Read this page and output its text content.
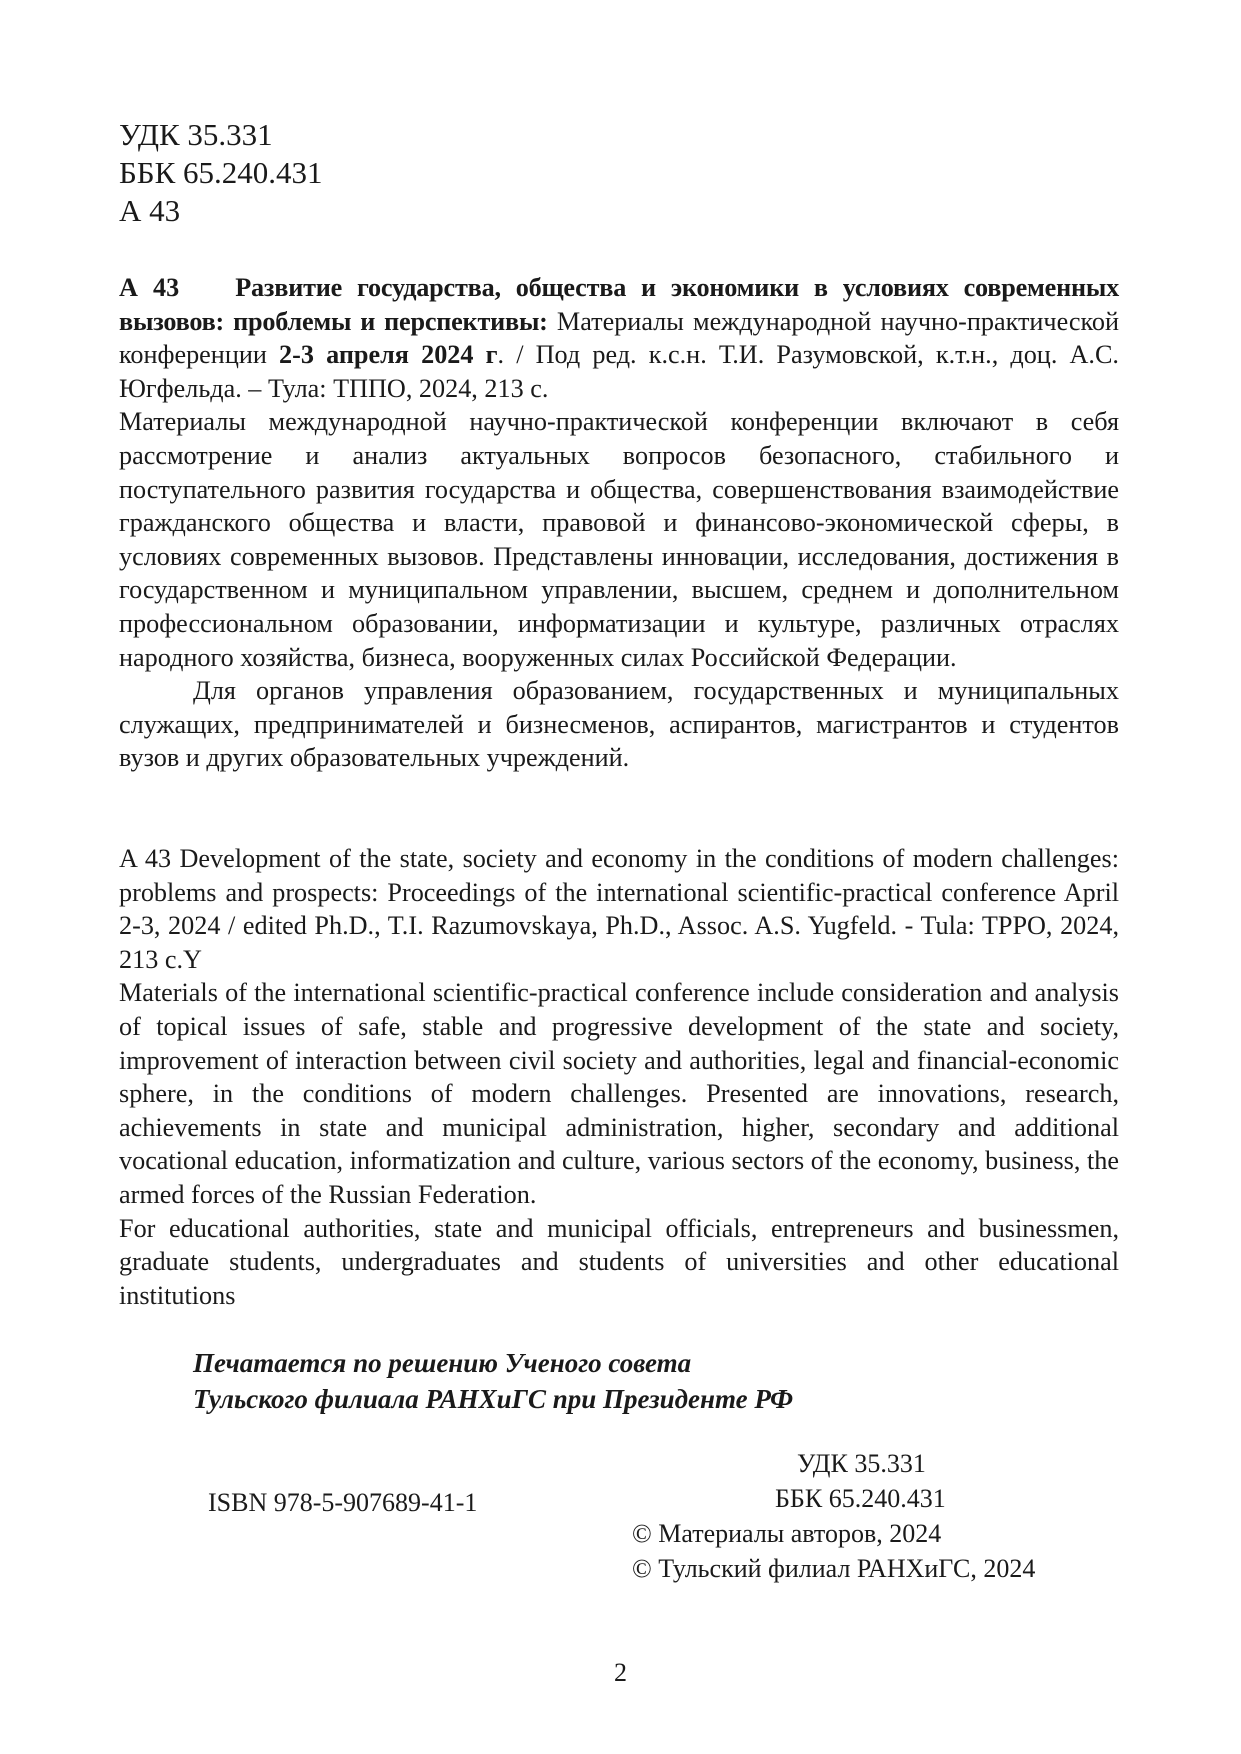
УДК 35.331
ББК 65.240.431
А 43

А 43 Развитие государства, общества и экономики в условиях современных вызовов: проблемы и перспективы: Материалы международной научно-практической конференции 2-3 апреля 2024 г. / Под ред. к.с.н. Т.И. Разумовской, к.т.н., доц. А.С. Югфельда. – Тула: ТППО, 2024, 213 с.

Материалы международной научно-практической конференции включают в себя рассмотрение и анализ актуальных вопросов безопасного, стабильного и поступательного развития государства и общества, совершенствования взаимодействие гражданского общества и власти, правовой и финансово-экономической сферы, в условиях современных вызовов. Представлены инновации, исследования, достижения в государственном и муниципальном управлении, высшем, среднем и дополнительном профессиональном образовании, информатизации и культуре, различных отраслях народного хозяйства, бизнеса, вооруженных силах Российской Федерации.

Для органов управления образованием, государственных и муниципальных служащих, предпринимателей и бизнесменов, аспирантов, магистрантов и студентов вузов и других образовательных учреждений.

A 43 Development of the state, society and economy in the conditions of modern challenges: problems and prospects: Proceedings of the international scientific-practical conference April 2-3, 2024 / edited Ph.D., T.I. Razumovskaya, Ph.D., Assoc. A.S. Yugfeld. - Tula: TPPO, 2024, 213 c.Y

Materials of the international scientific-practical conference include consideration and analysis of topical issues of safe, stable and progressive development of the state and society, improvement of interaction between civil society and authorities, legal and financial-economic sphere, in the conditions of modern challenges. Presented are innovations, research, achievements in state and municipal administration, higher, secondary and additional vocational education, informatization and culture, various sectors of the economy, business, the armed forces of the Russian Federation.

For educational authorities, state and municipal officials, entrepreneurs and businessmen, graduate students, undergraduates and students of universities and other educational institutions

Печатается по решению Ученого совета
Тульского филиала РАНХиГС при Президенте РФ
ISBN 978-5-907689-41-1
УДК 35.331
ББК 65.240.431
© Материалы авторов, 2024
© Тульский филиал РАНХиГС, 2024
2
